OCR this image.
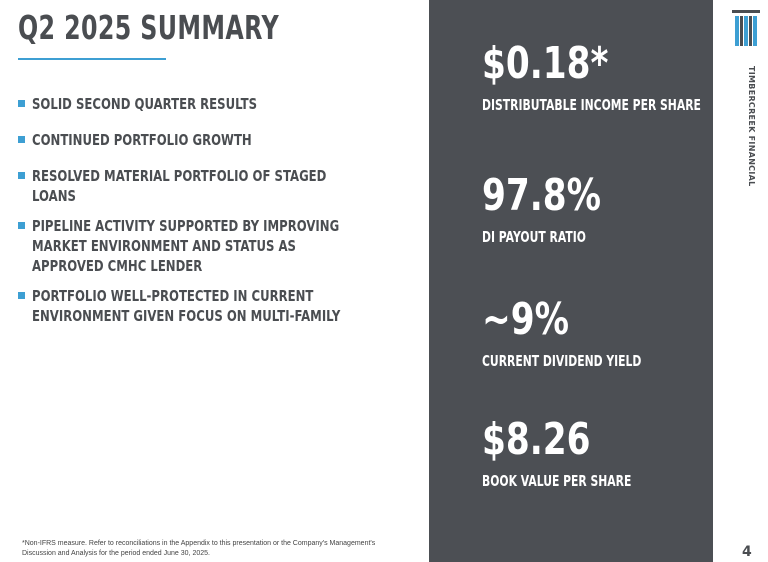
Q2 2025 SUMMARY
SOLID SECOND QUARTER RESULTS
CONTINUED PORTFOLIO GROWTH
RESOLVED MATERIAL PORTFOLIO OF STAGED LOANS
PIPELINE ACTIVITY SUPPORTED BY IMPROVING MARKET ENVIRONMENT AND STATUS AS APPROVED CMHC LENDER
PORTFOLIO WELL-PROTECTED IN CURRENT ENVIRONMENT GIVEN FOCUS ON MULTI-FAMILY
$0.18*
DISTRIBUTABLE INCOME PER SHARE
97.8%
DI PAYOUT RATIO
~9%
CURRENT DIVIDEND YIELD
$8.26
BOOK VALUE PER SHARE
TIMBERCREEK FINANCIAL

*Non-IFRS measure. Refer to reconciliations in the Appendix to this presentation or the Company's Management's Discussion and Analysis for the period ended June 30, 2025.	4
